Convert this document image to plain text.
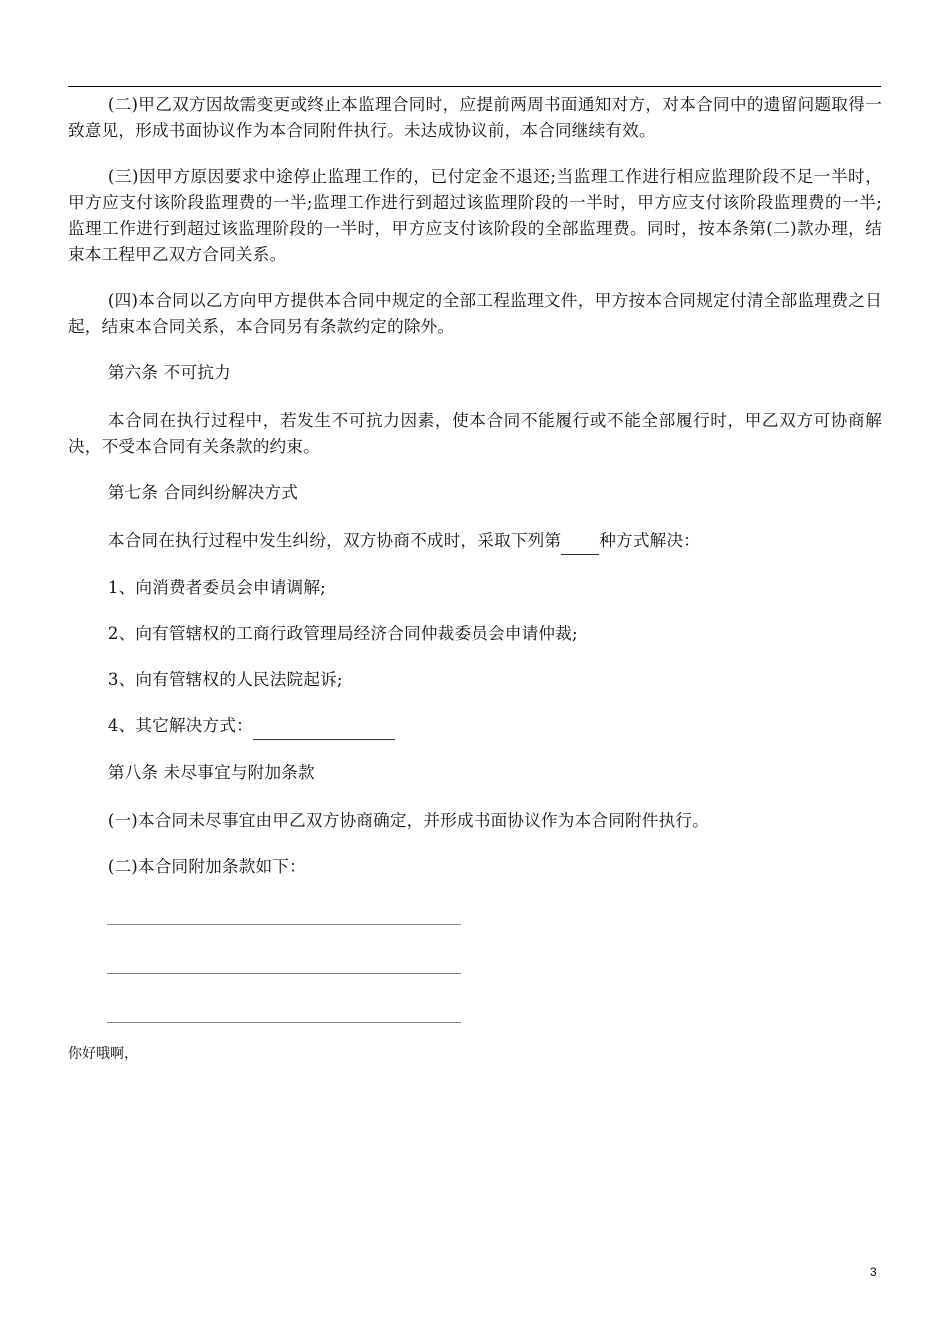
(二)甲乙双方因故需变更或终止本监理合同时，应提前两周书面通知对方，对本合同中的遗留问题取得一致意见，形成书面协议作为本合同附件执行。未达成协议前，本合同继续有效。

(三)因甲方原因要求中途停止监理工作的，已付定金不退还;当监理工作进行相应监理阶段不足一半时，甲方应支付该阶段监理费的一半;监理工作进行到超过该监理阶段的一半时，甲方应支付该阶段监理费的一半;监理工作进行到超过该监理阶段的一半时，甲方应支付该阶段的全部监理费。同时，按本条第(二)款办理，结束本工程甲乙双方合同关系。

(四)本合同以乙方向甲方提供本合同中规定的全部工程监理文件，甲方按本合同规定付清全部监理费之日起，结束本合同关系，本合同另有条款约定的除外。

第六条 不可抗力

本合同在执行过程中，若发生不可抗力因素，使本合同不能履行或不能全部履行时，甲乙双方可协商解决，不受本合同有关条款的约束。

第七条 合同纠纷解决方式

本合同在执行过程中发生纠纷，双方协商不成时，采取下列第 种方式解决：

1、向消费者委员会申请调解;

2、向有管辖权的工商行政管理局经济合同仲裁委员会申请仲裁;

3、向有管辖权的人民法院起诉;

4、其它解决方式：

第八条 未尽事宜与附加条款

(一)本合同未尽事宜由甲乙双方协商确定，并形成书面协议作为本合同附件执行。

(二)本合同附加条款如下：

你好哦啊，
3
